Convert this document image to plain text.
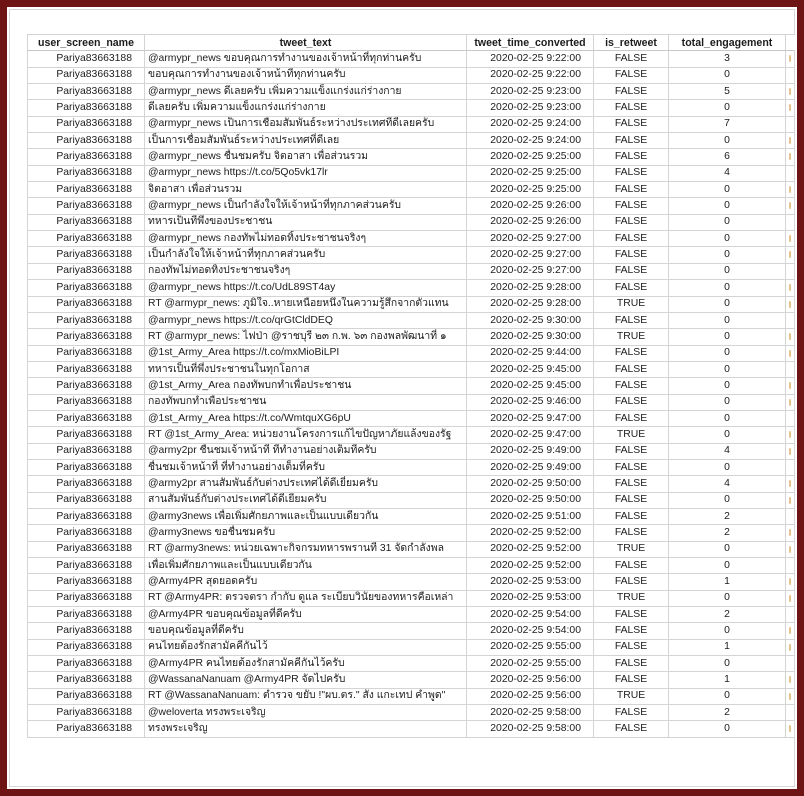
user_screen_name	tweet_text	tweet_time_converted	is_retweet	total_engagement	
Pariya83663188	@armypr_news ขอบคุณการทำงานของเจ้าหน้าที่ทุกท่านครับ	2020-02-25 9:22:00	FALSE	3	

Pariya83663188	ขอบคุณการทำงานของเจ้าหน้าที่ทุกท่านครับ	2020-02-25 9:22:00	FALSE	0	
Pariya83663188	@armypr_news ดีเลยครับ เพิ่มความแข็งแกร่งแก่ร่างกาย	2020-02-25 9:23:00	FALSE	5	

Pariya83663188	ดีเลยครับ เพิ่มความแข็งแกร่งแก่ร่างกาย	2020-02-25 9:23:00	FALSE	0	

Pariya83663188	@armypr_news เป็นการเชื่อมสัมพันธ์ระหว่างประเทศที่ดีเลยครับ	2020-02-25 9:24:00	FALSE	7	
Pariya83663188	เป็นการเชื่อมสัมพันธ์ระหว่างประเทศที่ดีเลย	2020-02-25 9:24:00	FALSE	0	

Pariya83663188	@armypr_news ชื่นชมครับ จิตอาสา เพื่อส่วนรวม	2020-02-25 9:25:00	FALSE	6	

Pariya83663188	@armypr_news https://t.co/5Qo5vk17lr	2020-02-25 9:25:00	FALSE	4	
Pariya83663188	จิตอาสา เพื่อส่วนรวม	2020-02-25 9:25:00	FALSE	0	

Pariya83663188	@armypr_news เป็นกำลังใจให้เจ้าหน้าที่ทุกภาคส่วนครับ	2020-02-25 9:26:00	FALSE	0	

Pariya83663188	ทหารเป็นที่พึ่งของประชาชน	2020-02-25 9:26:00	FALSE	0	
Pariya83663188	@armypr_news กองทัพไม่ทอดทิ้งประชาชนจริงๆ	2020-02-25 9:27:00	FALSE	0	

Pariya83663188	เป็นกำลังใจให้เจ้าหน้าที่ทุกภาคส่วนครับ	2020-02-25 9:27:00	FALSE	0	

Pariya83663188	กองทัพไม่ทอดทิ้งประชาชนจริงๆ	2020-02-25 9:27:00	FALSE	0	
Pariya83663188	@armypr_news https://t.co/UdL89ST4ay	2020-02-25 9:28:00	FALSE	0	

Pariya83663188	RT @armypr_news: ภูมิใจ..หายเหนื่อยหนึ่งในความรู้สึกจากตัวแทน	2020-02-25 9:28:00	TRUE	0	

Pariya83663188	@armypr_news https://t.co/qrGtCldDEQ	2020-02-25 9:30:00	FALSE	0	
Pariya83663188	RT @armypr_news: ไฟป่า @ราชบุรี ๒๓ ก.พ. ๖๓ กองพลพัฒนาที่ ๑	2020-02-25 9:30:00	TRUE	0	

Pariya83663188	@1st_Army_Area https://t.co/mxMioBiLPI	2020-02-25 9:44:00	FALSE	0	

Pariya83663188	ทหารเป็นที่พึ่งประชาชนในทุกโอกาส	2020-02-25 9:45:00	FALSE	0	
Pariya83663188	@1st_Army_Area กองทัพบกทำเพื่อประชาชน	2020-02-25 9:45:00	FALSE	0	

Pariya83663188	กองทัพบกทำเพื่อประชาชน	2020-02-25 9:46:00	FALSE	0	

Pariya83663188	@1st_Army_Area https://t.co/WmtquXG6pU	2020-02-25 9:47:00	FALSE	0	
Pariya83663188	RT @1st_Army_Area: หน่วยงานโครงการแก้ไขปัญหาภัยแล้งของรัฐ	2020-02-25 9:47:00	TRUE	0	

Pariya83663188	@army2pr ชื่นชมเจ้าหน้าที่ ที่ทำงานอย่างเต็มที่ครับ	2020-02-25 9:49:00	FALSE	4	

Pariya83663188	ชื่นชมเจ้าหน้าที่ ที่ทำงานอย่างเต็มที่ครับ	2020-02-25 9:49:00	FALSE	0	
Pariya83663188	@army2pr สานสัมพันธ์กับต่างประเทศได้ดีเยี่ยมครับ	2020-02-25 9:50:00	FALSE	4	

Pariya83663188	สานสัมพันธ์กับต่างประเทศได้ดีเยี่ยมครับ	2020-02-25 9:50:00	FALSE	0	

Pariya83663188	@army3news เพื่อเพิ่มศักยภาพและเป็นแบบเดียวกัน	2020-02-25 9:51:00	FALSE	2	
Pariya83663188	@army3news ขอชื่นชมครับ	2020-02-25 9:52:00	FALSE	2	

Pariya83663188	RT @army3news: หน่วยเฉพาะกิจกรมทหารพรานที่ 31 จัดกำลังพล	2020-02-25 9:52:00	TRUE	0	

Pariya83663188	เพื่อเพิ่มศักยภาพและเป็นแบบเดียวกัน	2020-02-25 9:52:00	FALSE	0	
Pariya83663188	@Army4PR สุดยอดครับ	2020-02-25 9:53:00	FALSE	1	

Pariya83663188	RT @Army4PR: ตรวจตรา กำกับ ดูแล ระเบียบวินัยของทหารคือเหล่า	2020-02-25 9:53:00	TRUE	0	

Pariya83663188	@Army4PR ขอบคุณข้อมูลที่ดีครับ	2020-02-25 9:54:00	FALSE	2	
Pariya83663188	ขอบคุณข้อมูลที่ดีครับ	2020-02-25 9:54:00	FALSE	0	

Pariya83663188	คนไทยต้องรักสามัคคีกันไว้	2020-02-25 9:55:00	FALSE	1	

Pariya83663188	@Army4PR คนไทยต้องรักสามัคคีกันไว้ครับ	2020-02-25 9:55:00	FALSE	0	
Pariya83663188	@WassanaNanuam @Army4PR จัดไปครับ	2020-02-25 9:56:00	FALSE	1	

Pariya83663188	RT @WassanaNanuam: ตำรวจ ขยับ !"ผบ.ตร." สั่ง แกะเทป คำพูด"	2020-02-25 9:56:00	TRUE	0	

Pariya83663188	@weloverta ทรงพระเจริญ	2020-02-25 9:58:00	FALSE	2	
Pariya83663188	ทรงพระเจริญ	2020-02-25 9:58:00	FALSE	0	
